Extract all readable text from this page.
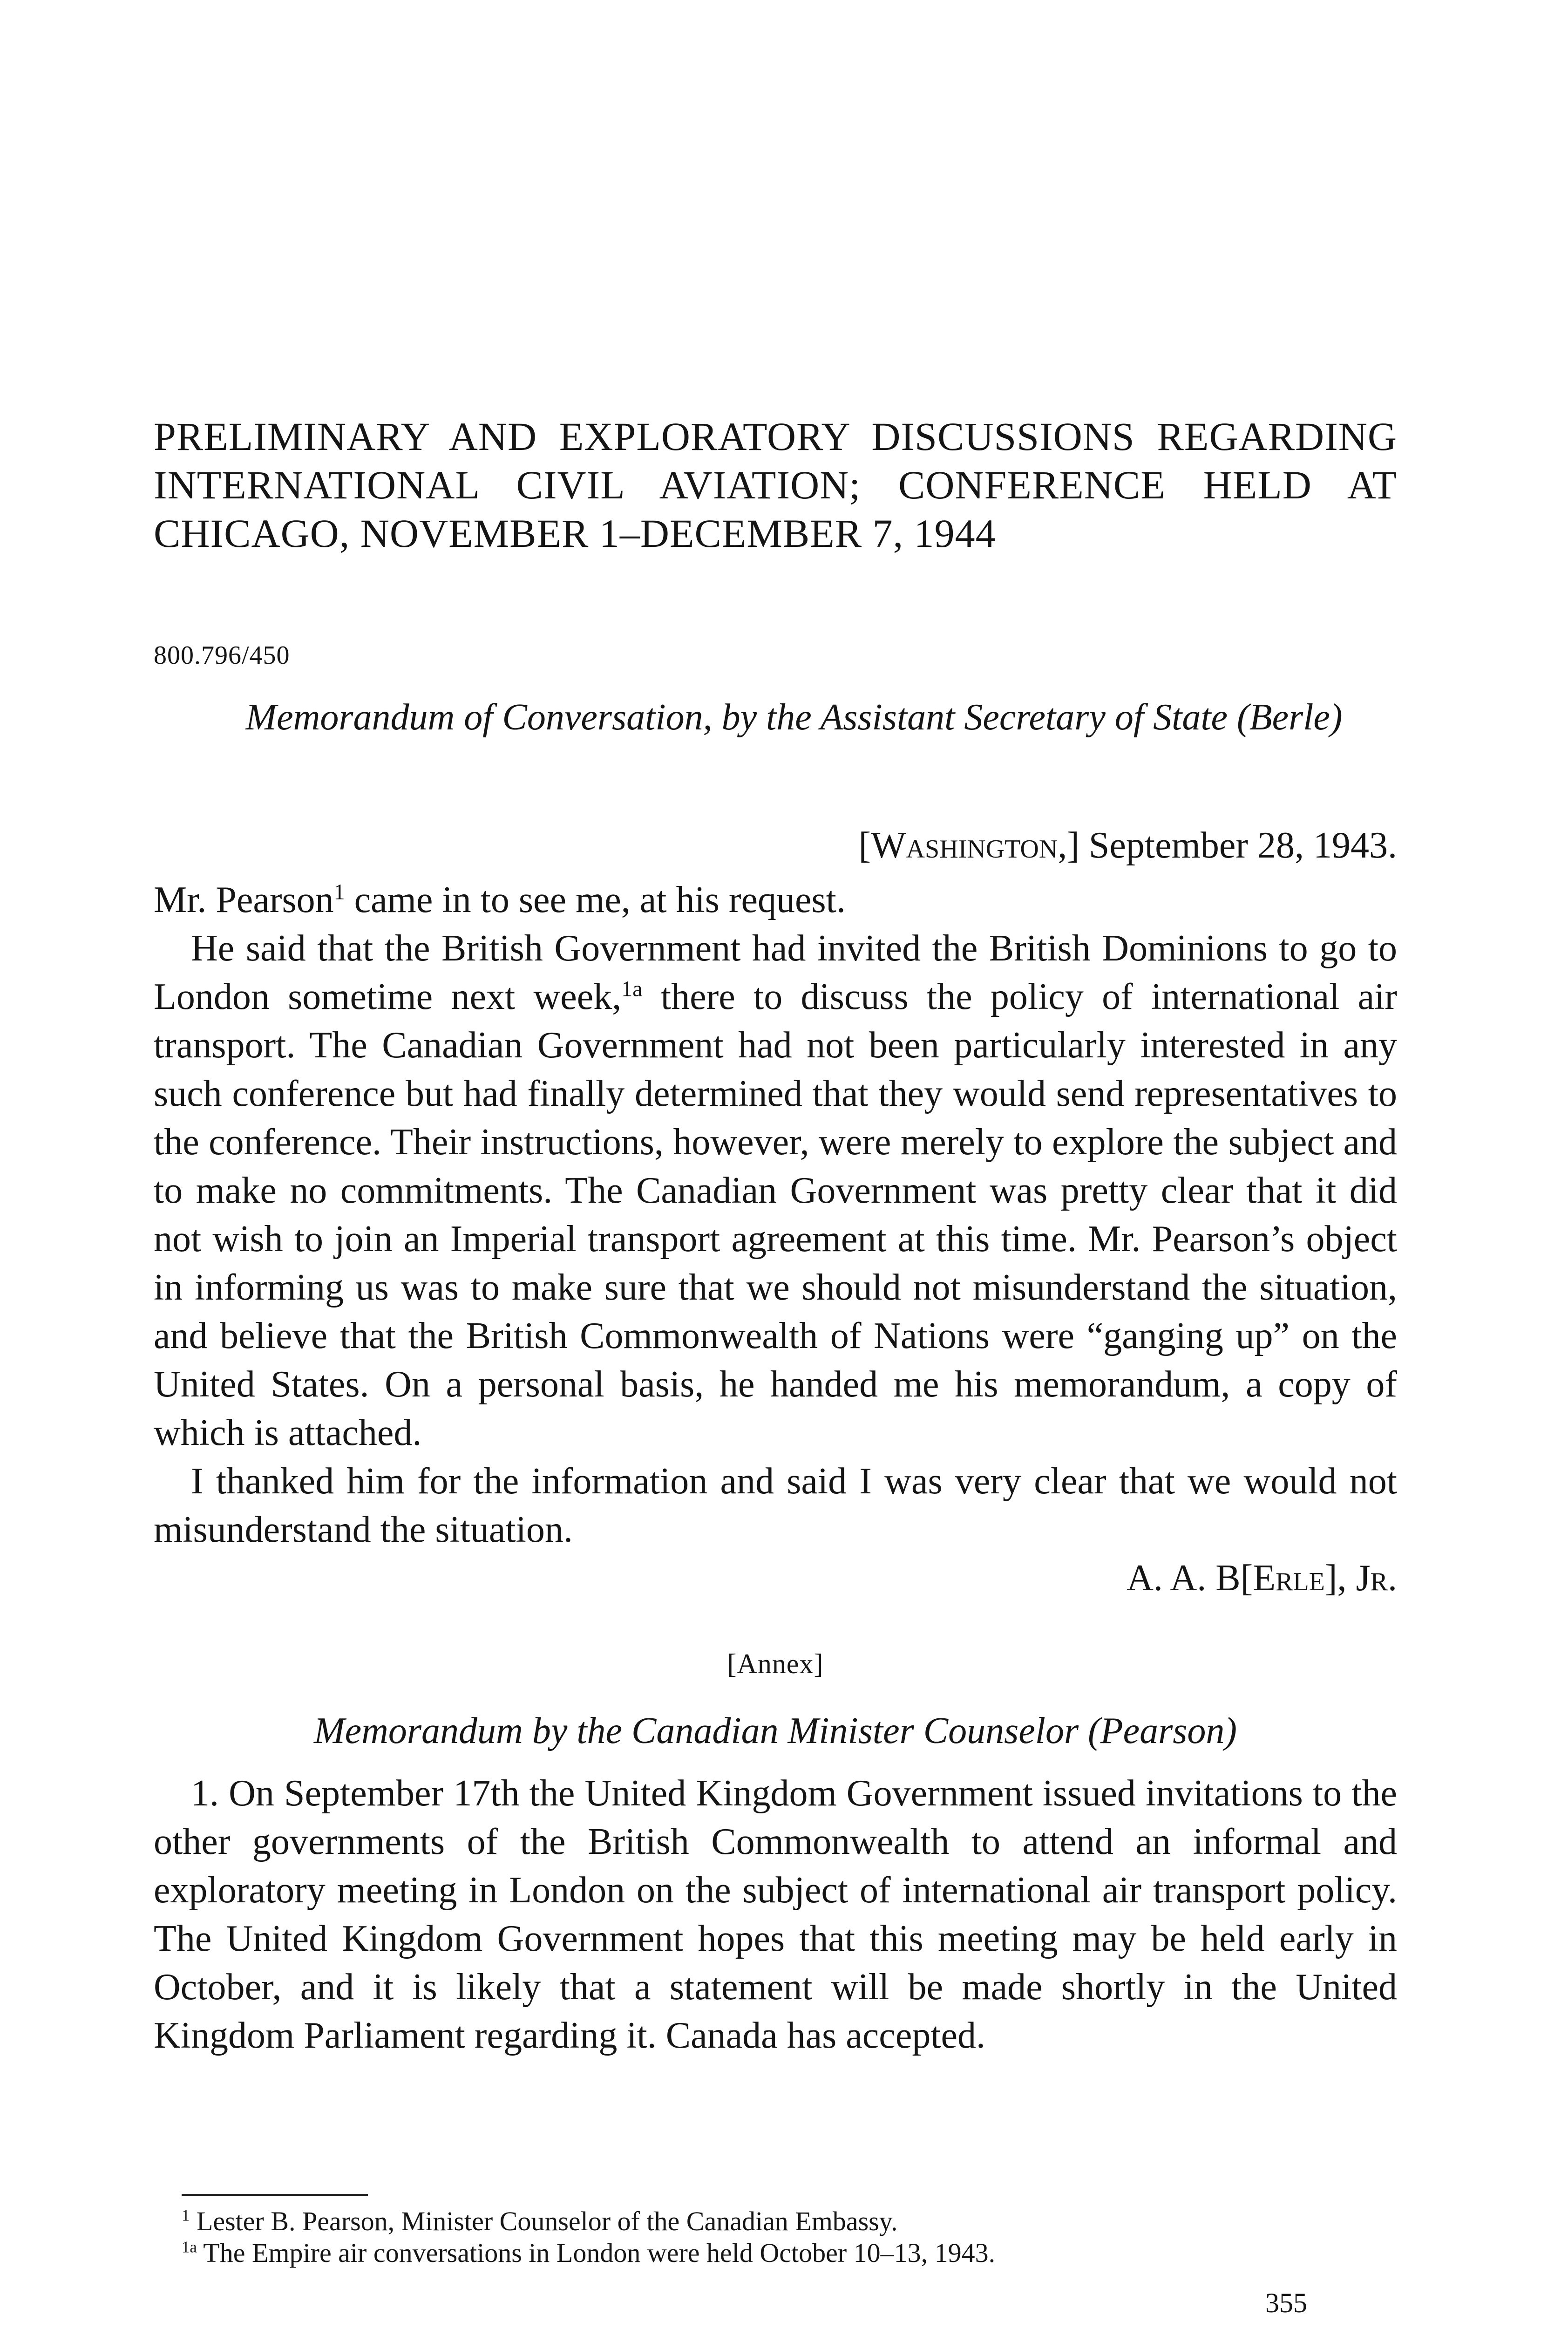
PRELIMINARY AND EXPLORATORY DISCUSSIONS REGARDING INTERNATIONAL CIVIL AVIATION; CONFERENCE HELD AT CHICAGO, NOVEMBER 1–DECEMBER 7, 1944
800.796/450
Memorandum of Conversation, by the Assistant Secretary of State (Berle)
[Washington,] September 28, 1943.

Mr. Pearson$^1$ came in to see me, at his request.

He said that the British Government had invited the British Dominions to go to London sometime next week,$^{1a}$ there to discuss the policy of international air transport. The Canadian Government had not been particularly interested in any such conference but had finally determined that they would send representatives to the conference. Their instructions, however, were merely to explore the subject and to make no commitments. The Canadian Government was pretty clear that it did not wish to join an Imperial transport agreement at this time. Mr. Pearson’s object in informing us was to make sure that we should not misunderstand the situation, and believe that the British Commonwealth of Nations were “ganging up” on the United States. On a personal basis, he handed me his memorandum, a copy of which is attached.

I thanked him for the information and said I was very clear that we would not misunderstand the situation.

A. A. B[Erle], Jr.

[Annex]

Memorandum by the Canadian Minister Counselor (Pearson)

1. On September 17th the United Kingdom Government issued invitations to the other governments of the British Commonwealth to attend an informal and exploratory meeting in London on the subject of international air transport policy. The United Kingdom Government hopes that this meeting may be held early in October, and it is likely that a statement will be made shortly in the United Kingdom Parliament regarding it. Canada has accepted.

$^1$ Lester B. Pearson, Minister Counselor of the Canadian Embassy.
$^{1a}$ The Empire air conversations in London were held October 10–13, 1943.
355
